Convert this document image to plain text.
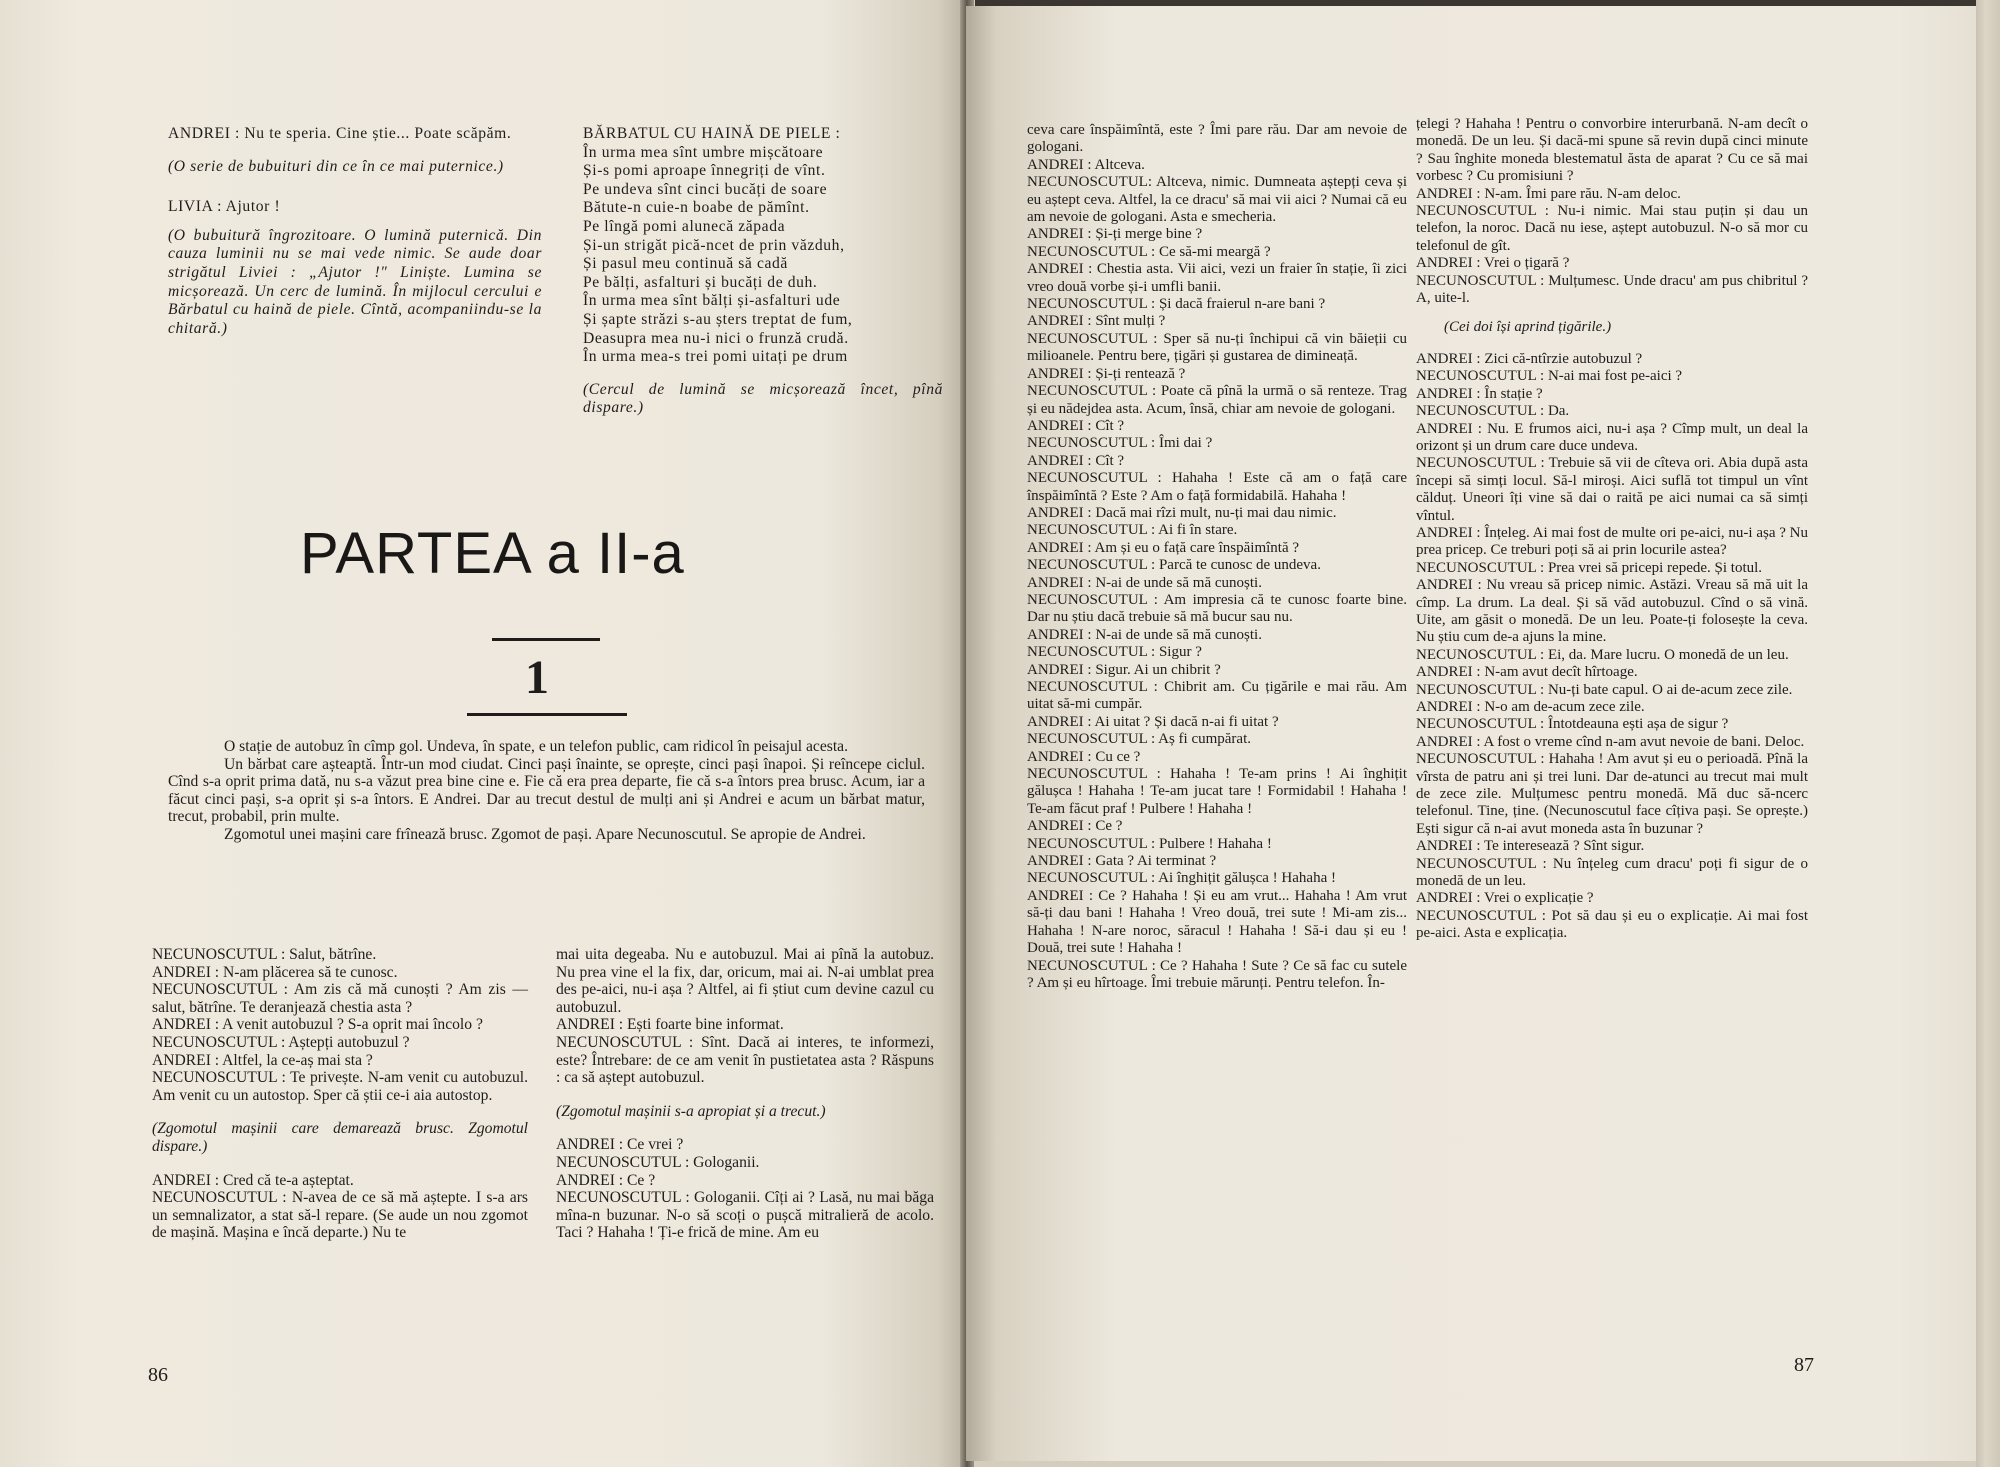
ANDREI : Nu te speria. Cine știe... Poate scăpăm.

(O serie de bubuituri din ce în ce mai puternice.)

LIVIA : Ajutor !

(O bubuitură îngrozitoare. O lumină puternică. Din cauza luminii nu se mai vede nimic. Se aude doar strigătul Liviei : „Ajutor !" Liniște. Lumina se micșorează. Un cerc de lumină. În mijlocul cercului e Bărbatul cu haină de piele. Cîntă, acompaniindu-se la chitară.)

BĂRBATUL CU HAINĂ DE PIELE :

În urma mea sînt umbre mișcătoare

Și-s pomi aproape înnegriți de vînt.

Pe undeva sînt cinci bucăți de soare

Bătute-n cuie-n boabe de pămînt.

Pe lîngă pomi alunecă zăpada

Și-un strigăt pică-ncet de prin văzduh,

Și pasul meu continuă să cadă

Pe bălți, asfalturi și bucăți de duh.

În urma mea sînt bălți și-asfalturi ude

Și șapte străzi s-au șters treptat de fum,

Deasupra mea nu-i nici o frunză crudă.

În urma mea-s trei pomi uitați pe drum

(Cercul de lumină se micșorează încet, pînă dispare.)

PARTEA a II-a
1

O stație de autobuz în cîmp gol. Undeva, în spate, e un telefon public, cam ridicol în peisajul acesta.

Un bărbat care așteaptă. Într-un mod ciudat. Cinci pași înainte, se oprește, cinci pași înapoi. Și reîncepe ciclul. Cînd s-a oprit prima dată, nu s-a văzut prea bine cine e. Fie că era prea departe, fie că s-a întors prea brusc. Acum, iar a făcut cinci pași, s-a oprit și s-a întors. E Andrei. Dar au trecut destul de mulți ani și Andrei e acum un bărbat matur, trecut, probabil, prin multe.

Zgomotul unei mașini care frînează brusc. Zgomot de pași. Apare Necunoscutul. Se apropie de Andrei.

NECUNOSCUTUL : Salut, bătrîne.

ANDREI : N-am plăcerea să te cunosc.

NECUNOSCUTUL : Am zis că mă cunoști ? Am zis — salut, bătrîne. Te deranjează chestia asta ?

ANDREI : A venit autobuzul ? S-a oprit mai încolo ?

NECUNOSCUTUL : Aștepți autobuzul ?

ANDREI : Altfel, la ce-aș mai sta ?

NECUNOSCUTUL : Te privește. N-am venit cu autobuzul. Am venit cu un autostop. Sper că știi ce-i aia autostop.

(Zgomotul mașinii care demarează brusc. Zgomotul dispare.)

ANDREI : Cred că te-a așteptat.

NECUNOSCUTUL : N-avea de ce să mă aștepte. I s-a ars un semnalizator, a stat să-l repare. (Se aude un nou zgomot de mașină. Mașina e încă departe.) Nu te

mai uita degeaba. Nu e autobuzul. Mai ai pînă la autobuz. Nu prea vine el la fix, dar, oricum, mai ai. N-ai umblat prea des pe-aici, nu-i așa ? Altfel, ai fi știut cum devine cazul cu autobuzul.

ANDREI : Ești foarte bine informat.

NECUNOSCUTUL : Sînt. Dacă ai interes, te informezi, este? Întrebare: de ce am venit în pustietatea asta ? Răspuns : ca să aștept autobuzul.

(Zgomotul mașinii s-a apropiat și a trecut.)

ANDREI : Ce vrei ?

NECUNOSCUTUL : Gologanii.

ANDREI : Ce ?

NECUNOSCUTUL : Gologanii. Cîți ai ? Lasă, nu mai băga mîna-n buzunar. N-o să scoți o pușcă mitralieră de acolo. Taci ? Hahaha ! Ți-e frică de mine. Am eu

86

ceva care înspăimîntă, este ? Îmi pare rău. Dar am nevoie de gologani.

ANDREI : Altceva.

NECUNOSCUTUL: Altceva, nimic. Dumneata aștepți ceva și eu aștept ceva. Altfel, la ce dracu' să mai vii aici ? Numai că eu am nevoie de gologani. Asta e smecheria.

ANDREI : Și-ți merge bine ?

NECUNOSCUTUL : Ce să-mi meargă ?

ANDREI : Chestia asta. Vii aici, vezi un fraier în stație, îi zici vreo două vorbe și-i umfli banii.

NECUNOSCUTUL : Și dacă fraierul n-are bani ?

ANDREI : Sînt mulți ?

NECUNOSCUTUL : Sper să nu-ți închipui că vin băieții cu milioanele. Pentru bere, țigări și gustarea de dimineață.

ANDREI : Și-ți rentează ?

NECUNOSCUTUL : Poate că pînă la urmă o să renteze. Trag și eu nădejdea asta. Acum, însă, chiar am nevoie de gologani.

ANDREI : Cît ?

NECUNOSCUTUL : Îmi dai ?

ANDREI : Cît ?

NECUNOSCUTUL : Hahaha ! Este că am o față care înspăimîntă ? Este ? Am o față formidabilă. Hahaha !

ANDREI : Dacă mai rîzi mult, nu-ți mai dau nimic.

NECUNOSCUTUL : Ai fi în stare.

ANDREI : Am și eu o față care înspăimîntă ?

NECUNOSCUTUL : Parcă te cunosc de undeva.

ANDREI : N-ai de unde să mă cunoști.

NECUNOSCUTUL : Am impresia că te cunosc foarte bine. Dar nu știu dacă trebuie să mă bucur sau nu.

ANDREI : N-ai de unde să mă cunoști.

NECUNOSCUTUL : Sigur ?

ANDREI : Sigur. Ai un chibrit ?

NECUNOSCUTUL : Chibrit am. Cu țigările e mai rău. Am uitat să-mi cumpăr.

ANDREI : Ai uitat ? Și dacă n-ai fi uitat ?

NECUNOSCUTUL : Aș fi cumpărat.

ANDREI : Cu ce ?

NECUNOSCUTUL : Hahaha ! Te-am prins ! Ai înghițit gălușca ! Hahaha ! Te-am jucat tare ! Formidabil ! Hahaha ! Te-am făcut praf ! Pulbere ! Hahaha !

ANDREI : Ce ?

NECUNOSCUTUL : Pulbere ! Hahaha !

ANDREI : Gata ? Ai terminat ?

NECUNOSCUTUL : Ai înghițit gălușca ! Hahaha !

ANDREI : Ce ? Hahaha ! Și eu am vrut... Hahaha ! Am vrut să-ți dau bani ! Hahaha ! Vreo două, trei sute ! Mi-am zis... Hahaha ! N-are noroc, săracul ! Hahaha ! Să-i dau și eu ! Două, trei sute ! Hahaha !

NECUNOSCUTUL : Ce ? Hahaha ! Sute ? Ce să fac cu sutele ? Am și eu hîrtoage. Îmi trebuie mărunți. Pentru telefon. În-

țelegi ? Hahaha ! Pentru o convorbire interurbană. N-am decît o monedă. De un leu. Și dacă-mi spune să revin după cinci minute ? Sau înghite moneda blestematul ăsta de aparat ? Cu ce să mai vorbesc ? Cu promisiuni ?

ANDREI : N-am. Îmi pare rău. N-am deloc.

NECUNOSCUTUL : Nu-i nimic. Mai stau puțin și dau un telefon, la noroc. Dacă nu iese, aștept autobuzul. N-o să mor cu telefonul de gît.

ANDREI : Vrei o țigară ?

NECUNOSCUTUL : Mulțumesc. Unde dracu' am pus chibritul ? A, uite-l.

(Cei doi își aprind țigările.)

ANDREI : Zici că-ntîrzie autobuzul ?

NECUNOSCUTUL : N-ai mai fost pe-aici ?

ANDREI : În stație ?

NECUNOSCUTUL : Da.

ANDREI : Nu. E frumos aici, nu-i așa ? Cîmp mult, un deal la orizont și un drum care duce undeva.

NECUNOSCUTUL : Trebuie să vii de cîteva ori. Abia după asta începi să simți locul. Să-l miroși. Aici suflă tot timpul un vînt călduț. Uneori îți vine să dai o raită pe aici numai ca să simți vîntul.

ANDREI : Înțeleg. Ai mai fost de multe ori pe-aici, nu-i așa ? Nu prea pricep. Ce treburi poți să ai prin locurile astea?

NECUNOSCUTUL : Prea vrei să pricepi repede. Și totul.

ANDREI : Nu vreau să pricep nimic. Astăzi. Vreau să mă uit la cîmp. La drum. La deal. Și să văd autobuzul. Cînd o să vină. Uite, am găsit o monedă. De un leu. Poate-ți folosește la ceva. Nu știu cum de-a ajuns la mine.

NECUNOSCUTUL : Ei, da. Mare lucru. O monedă de un leu.

ANDREI : N-am avut decît hîrtoage.

NECUNOSCUTUL : Nu-ți bate capul. O ai de-acum zece zile.

ANDREI : N-o am de-acum zece zile.

NECUNOSCUTUL : Întotdeauna ești așa de sigur ?

ANDREI : A fost o vreme cînd n-am avut nevoie de bani. Deloc.

NECUNOSCUTUL : Hahaha ! Am avut și eu o perioadă. Pînă la vîrsta de patru ani și trei luni. Dar de-atunci au trecut mai mult de zece zile. Mulțumesc pentru monedă. Mă duc să-ncerc telefonul. Tine, ține. (Necunoscutul face cîțiva pași. Se oprește.) Ești sigur că n-ai avut moneda asta în buzunar ?

ANDREI : Te interesează ? Sînt sigur.

NECUNOSCUTUL : Nu înțeleg cum dracu' poți fi sigur de o monedă de un leu.

ANDREI : Vrei o explicație ?

NECUNOSCUTUL : Pot să dau și eu o explicație. Ai mai fost pe-aici. Asta e explicația.

87
